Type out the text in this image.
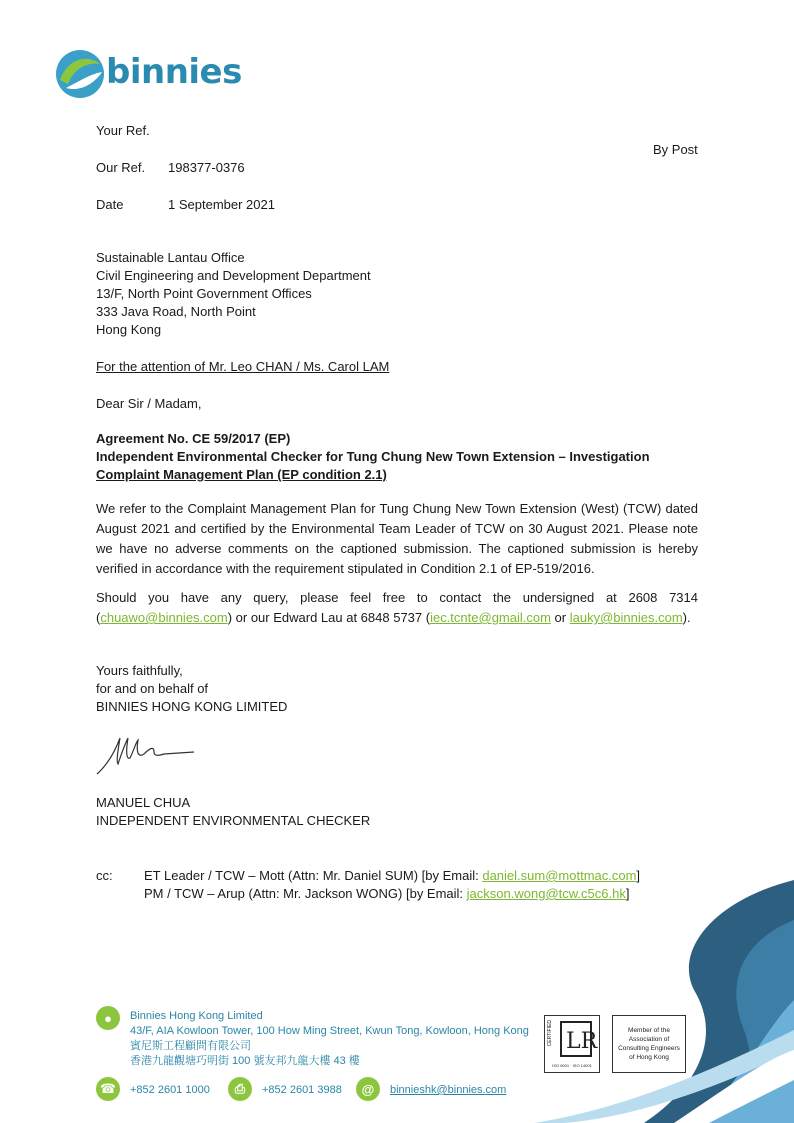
binnies
Your Ref.
By Post
Our Ref. 198377-0376
Date	1 September 2021
Sustainable Lantau Office
Civil Engineering and Development Department
13/F, North Point Government Offices
333 Java Road, North Point
Hong Kong
For the attention of Mr. Leo CHAN / Ms. Carol LAM
Dear Sir / Madam,
Agreement No. CE 59/2017 (EP)
Independent Environmental Checker for Tung Chung New Town Extension – Investigation
Complaint Management Plan (EP condition 2.1)
We refer to the Complaint Management Plan for Tung Chung New Town Extension (West) (TCW) dated August 2021 and certified by the Environmental Team Leader of TCW on 30 August 2021. Please note we have no adverse comments on the captioned submission. The captioned submission is hereby verified in accordance with the requirement stipulated in Condition 2.1 of EP-519/2016.
Should you have any query, please feel free to contact the undersigned at 2608 7314 (chuawo@binnies.com) or our Edward Lau at 6848 5737 (iec.tcnte@gmail.com or lauky@binnies.com).
Yours faithfully,
for and on behalf of
BINNIES HONG KONG LIMITED
MANUEL CHUA
INDEPENDENT ENVIRONMENTAL CHECKER
cc: ET Leader / TCW – Mott (Attn: Mr. Daniel SUM) [by Email: daniel.sum@mottmac.com]
PM / TCW – Arup (Attn: Mr. Jackson WONG) [by Email: jackson.wong@tcw.c5c6.hk]
●	Binnies Hong Kong Limited
43/F, AIA Kowloon Tower, 100 How Ming Street, Kwun Tong, Kowloon, Hong Kong
賓尼斯工程顧問有限公司
香港九龍觀塘巧明街 100 號友邦九龍大樓 43 樓
☎	+852 2601 1000	⎙	+852 2601 3988	@	binnieshk@binnies.com
LR
CERTIFIED
ISO 9001 · ISO 14001
Member of the Association of Consulting Engineers of Hong Kong
